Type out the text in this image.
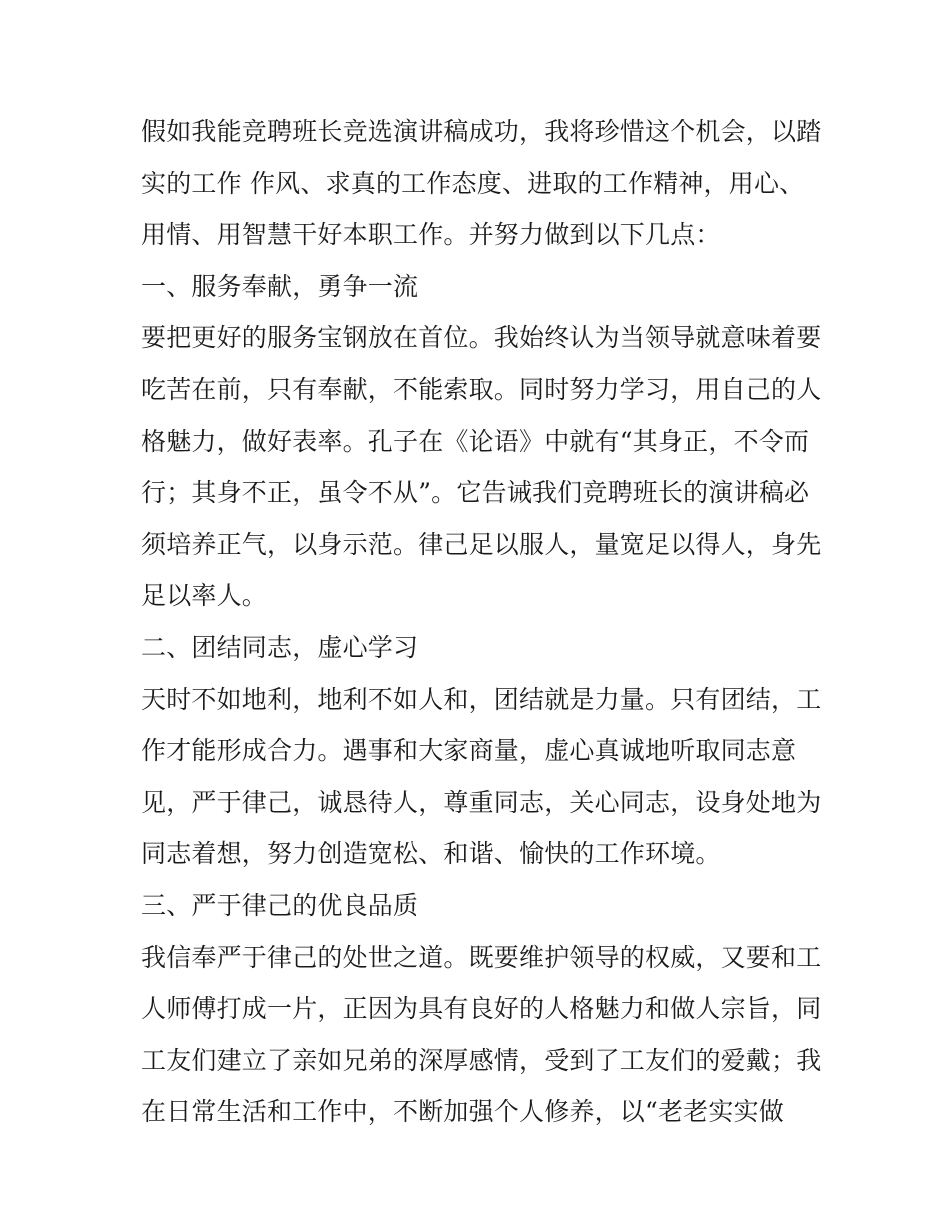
假如我能竞聘班长竞选演讲稿成功，我将珍惜这个机会，以踏
实的工作 作风、求真的工作态度、进取的工作精神，用心、
用情、用智慧干好本职工作。并努力做到以下几点：
一、服务奉献，勇争一流
要把更好的服务宝钢放在首位。我始终认为当领导就意味着要
吃苦在前，只有奉献，不能索取。同时努力学习，用自己的人
格魅力，做好表率。孔子在《论语》中就有“其身正，不令而
行；其身不正，虽令不从”。它告诫我们竞聘班长的演讲稿必
须培养正气，以身示范。律己足以服人，量宽足以得人，身先
足以率人。
二、团结同志，虚心学习
天时不如地利，地利不如人和，团结就是力量。只有团结，工
作才能形成合力。遇事和大家商量，虚心真诚地听取同志意
见，严于律己，诚恳待人，尊重同志，关心同志，设身处地为
同志着想，努力创造宽松、和谐、愉快的工作环境。
三、严于律己的优良品质
我信奉严于律己的处世之道。既要维护领导的权威，又要和工
人师傅打成一片，正因为具有良好的人格魅力和做人宗旨，同
工友们建立了亲如兄弟的深厚感情，受到了工友们的爱戴；我
在日常生活和工作中，不断加强个人修养，以“老老实实做
